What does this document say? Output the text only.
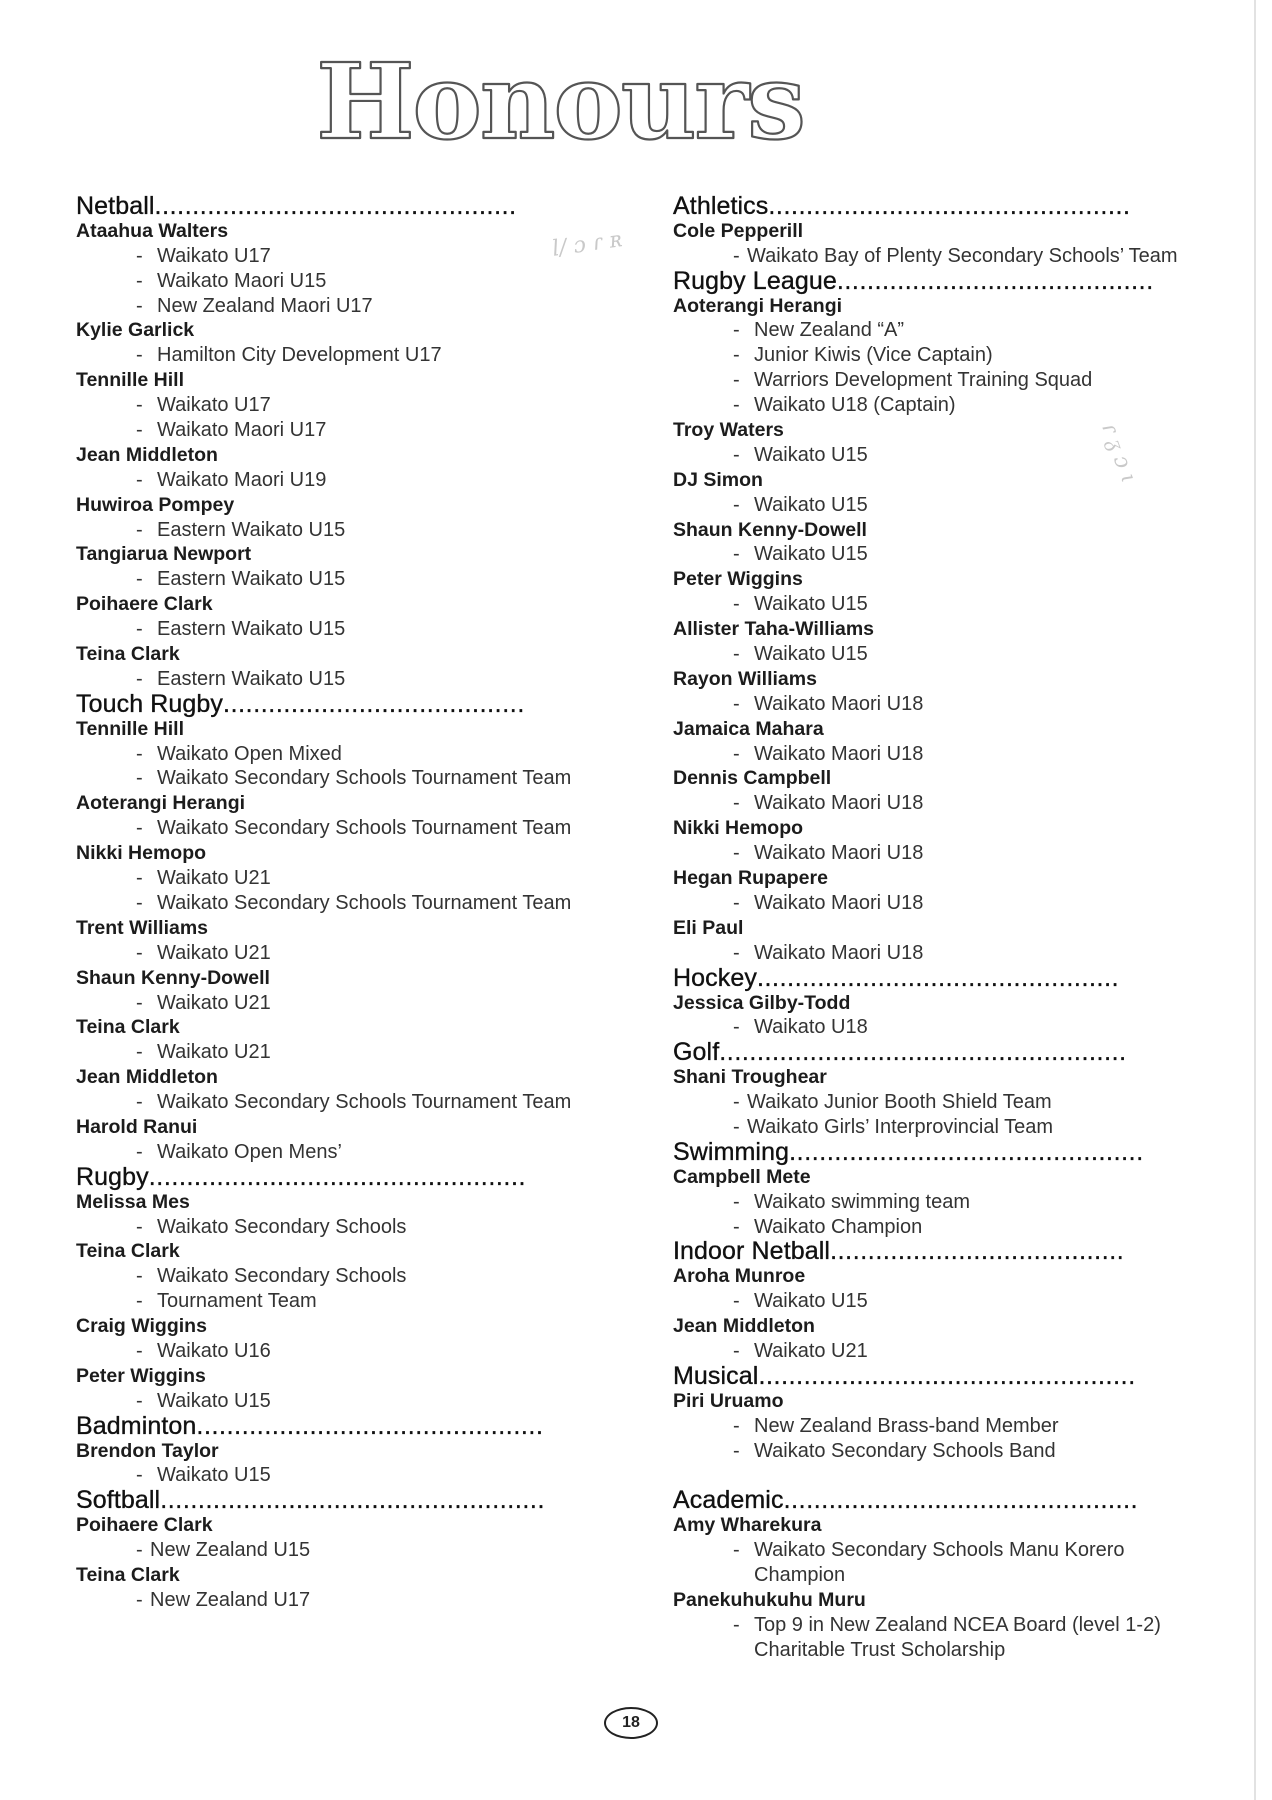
Honours
l/ ɔ ɾ ʀ
ɾ ᵹ ɔ ɩ
Netball................................................
Ataahua Walters
- Waikato U17
- Waikato Maori U15
- New Zealand Maori U17
Kylie Garlick
- Hamilton City Development U17
Tennille Hill
- Waikato U17
- Waikato Maori U17
Jean Middleton
- Waikato Maori U19
Huwiroa Pompey
- Eastern Waikato U15
Tangiarua Newport
- Eastern Waikato U15
Poihaere Clark
- Eastern Waikato U15
Teina Clark
- Eastern Waikato U15
Touch Rugby........................................
Tennille Hill
- Waikato Open Mixed
- Waikato Secondary Schools Tournament Team
Aoterangi Herangi
- Waikato Secondary Schools Tournament Team
Nikki Hemopo
- Waikato U21
- Waikato Secondary Schools Tournament Team
Trent Williams
- Waikato U21
Shaun Kenny-Dowell
- Waikato U21
Teina Clark
- Waikato U21
Jean Middleton
- Waikato Secondary Schools Tournament Team
Harold Ranui
- Waikato Open Mens’
Rugby..................................................
Melissa Mes
- Waikato Secondary Schools
Teina Clark
- Waikato Secondary Schools
- Tournament Team
Craig Wiggins
- Waikato U16
Peter Wiggins
- Waikato U15
Badminton..............................................
Brendon Taylor
- Waikato U15
Softball...................................................
Poihaere Clark
- New Zealand U15
Teina Clark
- New Zealand U17
Athletics................................................
Cole Pepperill
- Waikato Bay of Plenty Secondary Schools’ Team
Rugby League..........................................
Aoterangi Herangi
- New Zealand “A”
- Junior Kiwis (Vice Captain)
- Warriors Development Training Squad
- Waikato U18 (Captain)
Troy Waters
- Waikato U15
DJ Simon
- Waikato U15
Shaun Kenny-Dowell
- Waikato U15
Peter Wiggins
- Waikato U15
Allister Taha-Williams
- Waikato U15
Rayon Williams
- Waikato Maori U18
Jamaica Mahara
- Waikato Maori U18
Dennis Campbell
- Waikato Maori U18
Nikki Hemopo
- Waikato Maori U18
Hegan Rupapere
- Waikato Maori U18
Eli Paul
- Waikato Maori U18
Hockey................................................
Jessica Gilby-Todd
- Waikato U18
Golf......................................................
Shani Troughear
- Waikato Junior Booth Shield Team
- Waikato Girls’ Interprovincial Team
Swimming...............................................
Campbell Mete
- Waikato swimming team
- Waikato Champion
Indoor Netball.......................................
Aroha Munroe
- Waikato U15
Jean Middleton
- Waikato U21
Musical..................................................
Piri Uruamo
- New Zealand Brass-band Member
- Waikato Secondary Schools Band
Academic...............................................
Amy Wharekura
- Waikato Secondary Schools Manu Korero
Champion
Panekuhukuhu Muru
- Top 9 in New Zealand NCEA Board (level 1-2)
Charitable Trust Scholarship
18
